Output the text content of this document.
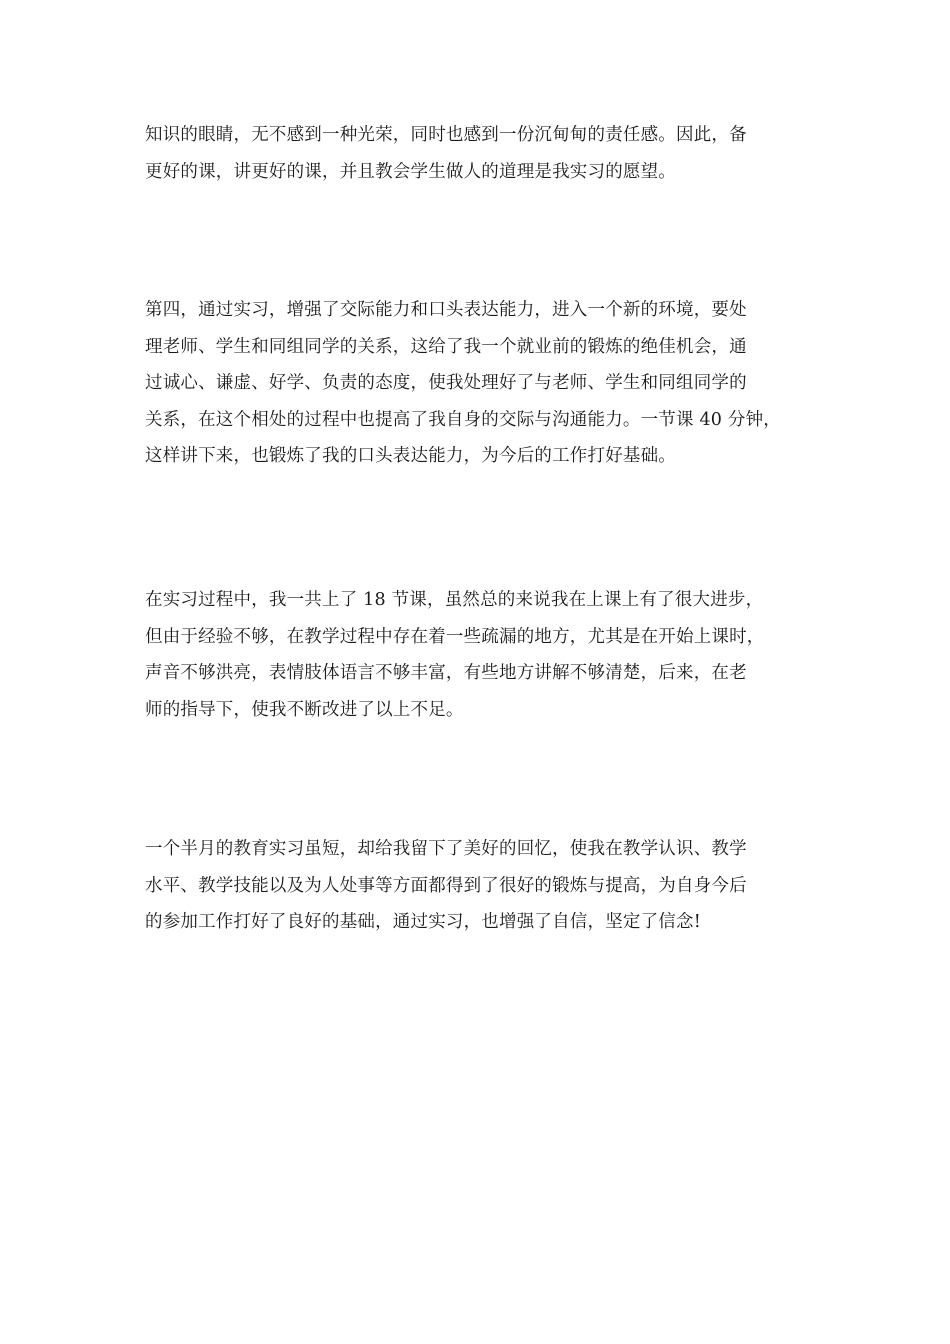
知识的眼睛，无不感到一种光荣，同时也感到一份沉甸甸的责任感。因此，备
更好的课，讲更好的课，并且教会学生做人的道理是我实习的愿望。
第四，通过实习，增强了交际能力和口头表达能力，进入一个新的环境，要处
理老师、学生和同组同学的关系，这给了我一个就业前的锻炼的绝佳机会，通
过诚心、谦虚、好学、负责的态度，使我处理好了与老师、学生和同组同学的
关系，在这个相处的过程中也提高了我自身的交际与沟通能力。一节课 40 分钟，
这样讲下来，也锻炼了我的口头表达能力，为今后的工作打好基础。
在实习过程中，我一共上了 18 节课，虽然总的来说我在上课上有了很大进步，
但由于经验不够，在教学过程中存在着一些疏漏的地方，尤其是在开始上课时，
声音不够洪亮，表情肢体语言不够丰富，有些地方讲解不够清楚，后来，在老
师的指导下，使我不断改进了以上不足。
一个半月的教育实习虽短，却给我留下了美好的回忆，使我在教学认识、教学
水平、教学技能以及为人处事等方面都得到了很好的锻炼与提高，为自身今后
的参加工作打好了良好的基础，通过实习，也增强了自信，坚定了信念!
